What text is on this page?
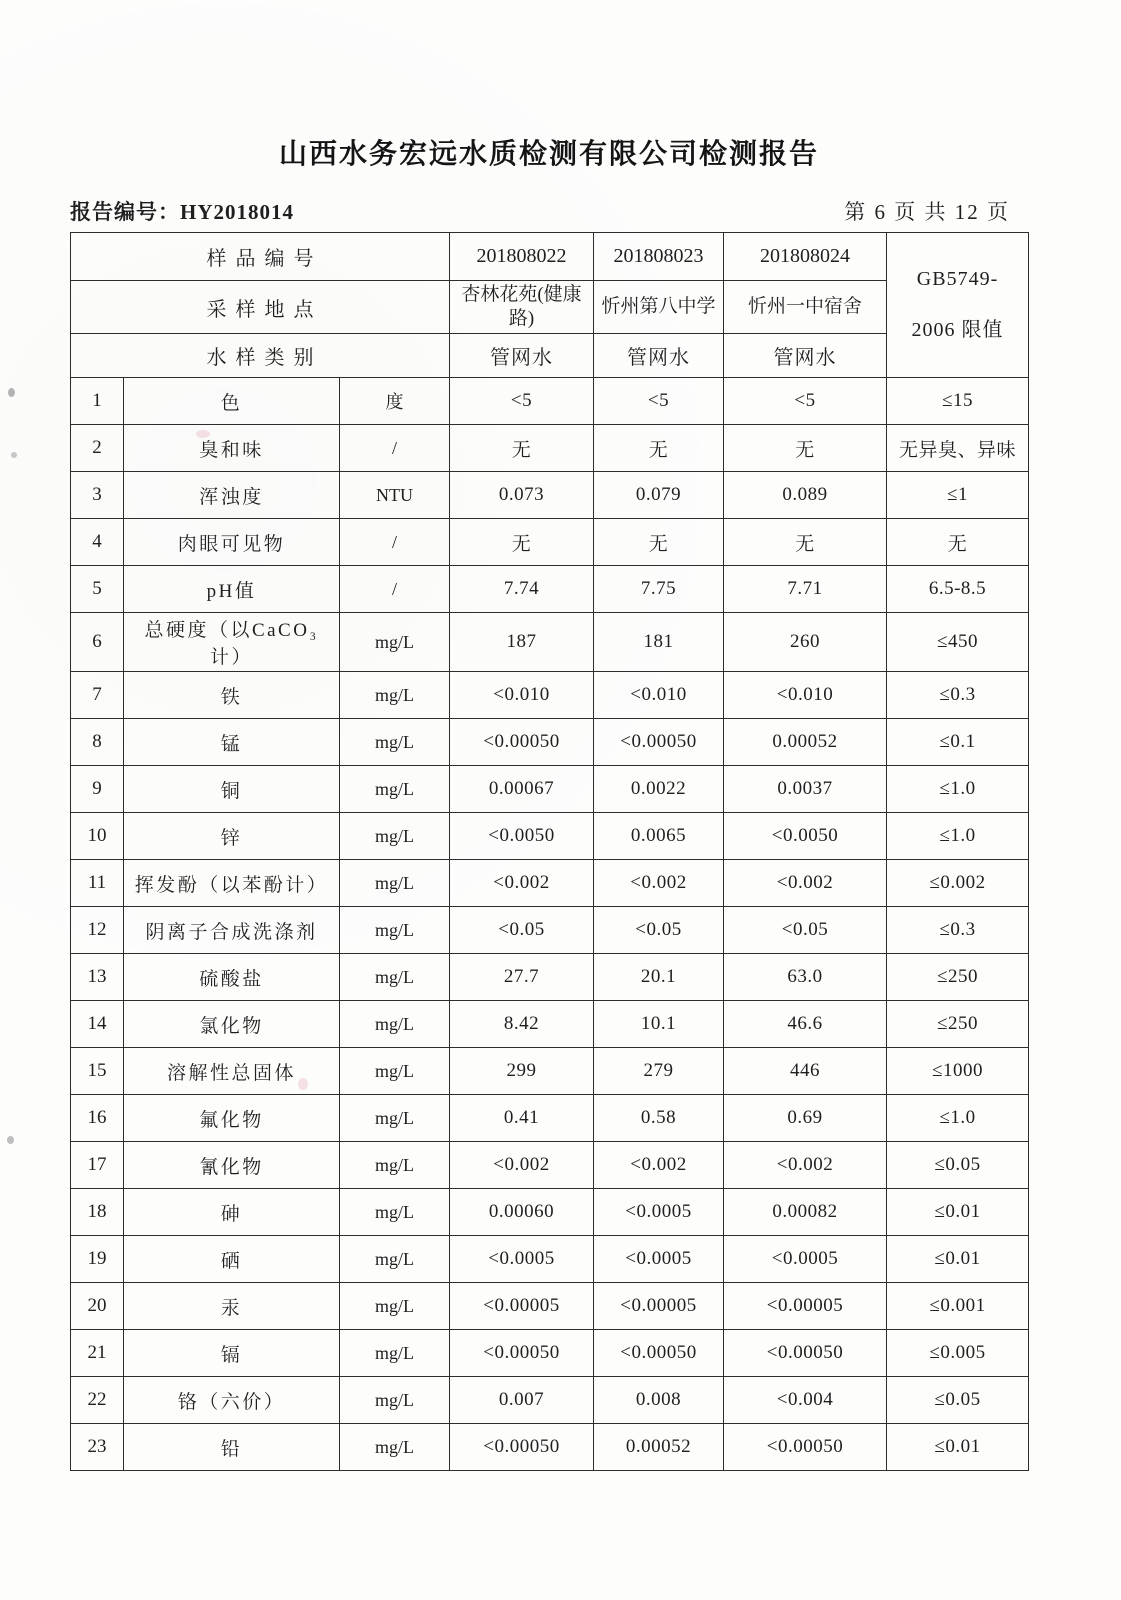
山西水务宏远水质检测有限公司检测报告
报告编号：HY2018014	第 6 页 共 12 页
样品编号			201808022	201808023	201808024	GB5749-
2006 限值

采样地点			杏林花苑(健康路)	忻州第八中学	忻州一中宿舍	
水样类别			管网水	管网水	管网水	
1	色	度	<5	<5	<5	≤15
2	臭和味	/	无	无	无	无异臭、异味
3	浑浊度	NTU	0.073	0.079	0.089	≤1
4	肉眼可见物	/	无	无	无	无
5	pH值	/	7.74	7.75	7.71	6.5-8.5
6	总硬度（以CaCO₃计）	mg/L	187	181	260	≤450
7	铁	mg/L	<0.010	<0.010	<0.010	≤0.3
8	锰	mg/L	<0.00050	<0.00050	0.00052	≤0.1
9	铜	mg/L	0.00067	0.0022	0.0037	≤1.0
10	锌	mg/L	<0.0050	0.0065	<0.0050	≤1.0
11	挥发酚（以苯酚计）	mg/L	<0.002	<0.002	<0.002	≤0.002
12	阴离子合成洗涤剂	mg/L	<0.05	<0.05	<0.05	≤0.3
13	硫酸盐	mg/L	27.7	20.1	63.0	≤250
14	氯化物	mg/L	8.42	10.1	46.6	≤250
15	溶解性总固体	mg/L	299	279	446	≤1000
16	氟化物	mg/L	0.41	0.58	0.69	≤1.0
17	氰化物	mg/L	<0.002	<0.002	<0.002	≤0.05
18	砷	mg/L	0.00060	<0.0005	0.00082	≤0.01
19	硒	mg/L	<0.0005	<0.0005	<0.0005	≤0.01
20	汞	mg/L	<0.00005	<0.00005	<0.00005	≤0.001
21	镉	mg/L	<0.00050	<0.00050	<0.00050	≤0.005
22	铬（六价）	mg/L	0.007	0.008	<0.004	≤0.05
23	铅	mg/L	<0.00050	0.00052	<0.00050	≤0.01
